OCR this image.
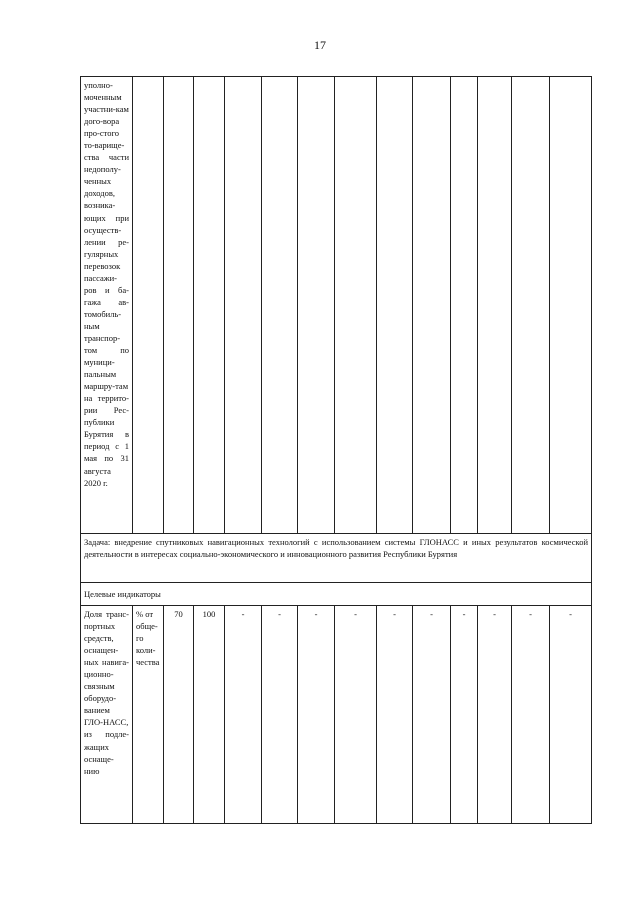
17
уполно-моченным участни-кам дого-вора про-стого то-варище-ства части недополу-ченных доходов, возника-ющих при осуществ-лении ре-гулярных перевозок пассажи-ров и ба-гажа ав-томобиль-ным транспор-том по муници-пальным маршру-там на террито-рии Рес-публики Бурятия в период с 1 мая по 31 августа 2020 г.													
Задача: внедрение спутниковых навигационных технологий с использованием системы ГЛОНАСС и иных результатов космической деятельности в интересах социально-экономического и инновационного развития Республики Бурятия													
Целевые индикаторы													
Доля транс-портных средств, оснащен-ных навига-ционно-связным оборудо-ванием ГЛО-НАСС, из подле-жащих оснаще-нию	% от обще-го коли-чества	70	100	-	-	-	-	-	-	-	-	-	-
